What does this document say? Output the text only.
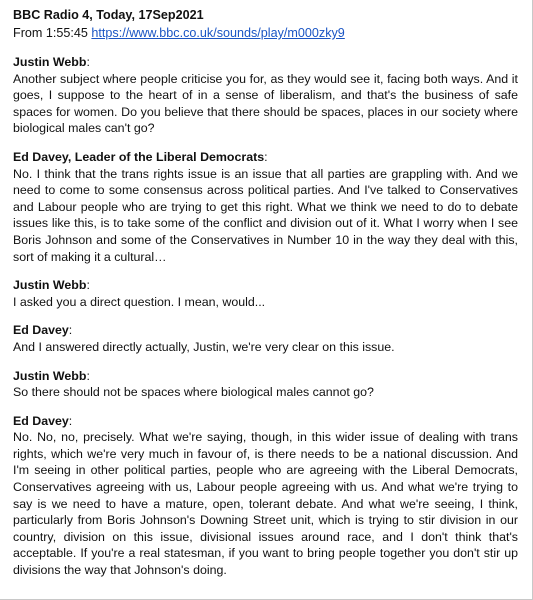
BBC Radio 4, Today, 17Sep2021
From 1:55:45 https://www.bbc.co.uk/sounds/play/m000zky9
Justin Webb:

Another subject where people criticise you for, as they would see it, facing both ways. And it goes, I suppose to the heart of in a sense of liberalism, and that's the business of safe spaces for women. Do you believe that there should be spaces, places in our society where biological males can't go?

Ed Davey, Leader of the Liberal Democrats:

No. I think that the trans rights issue is an issue that all parties are grappling with. And we need to come to some consensus across political parties. And I've talked to Conservatives and Labour people who are trying to get this right. What we think we need to do to debate issues like this, is to take some of the conflict and division out of it. What I worry when I see Boris Johnson and some of the Conservatives in Number 10 in the way they deal with this, sort of making it a cultural…

Justin Webb:

I asked you a direct question. I mean, would...

Ed Davey:

And I answered directly actually, Justin, we're very clear on this issue.

Justin Webb:

So there should not be spaces where biological males cannot go?

Ed Davey:

No. No, no, precisely. What we're saying, though, in this wider issue of dealing with trans rights, which we're very much in favour of, is there needs to be a national discussion. And I'm seeing in other political parties, people who are agreeing with the Liberal Democrats, Conservatives agreeing with us, Labour people agreeing with us. And what we're trying to say is we need to have a mature, open, tolerant debate. And what we're seeing, I think, particularly from Boris Johnson's Downing Street unit, which is trying to stir division in our country, division on this issue, divisional issues around race, and I don't think that's acceptable. If you're a real statesman, if you want to bring people together you don't stir up divisions the way that Johnson's doing.
